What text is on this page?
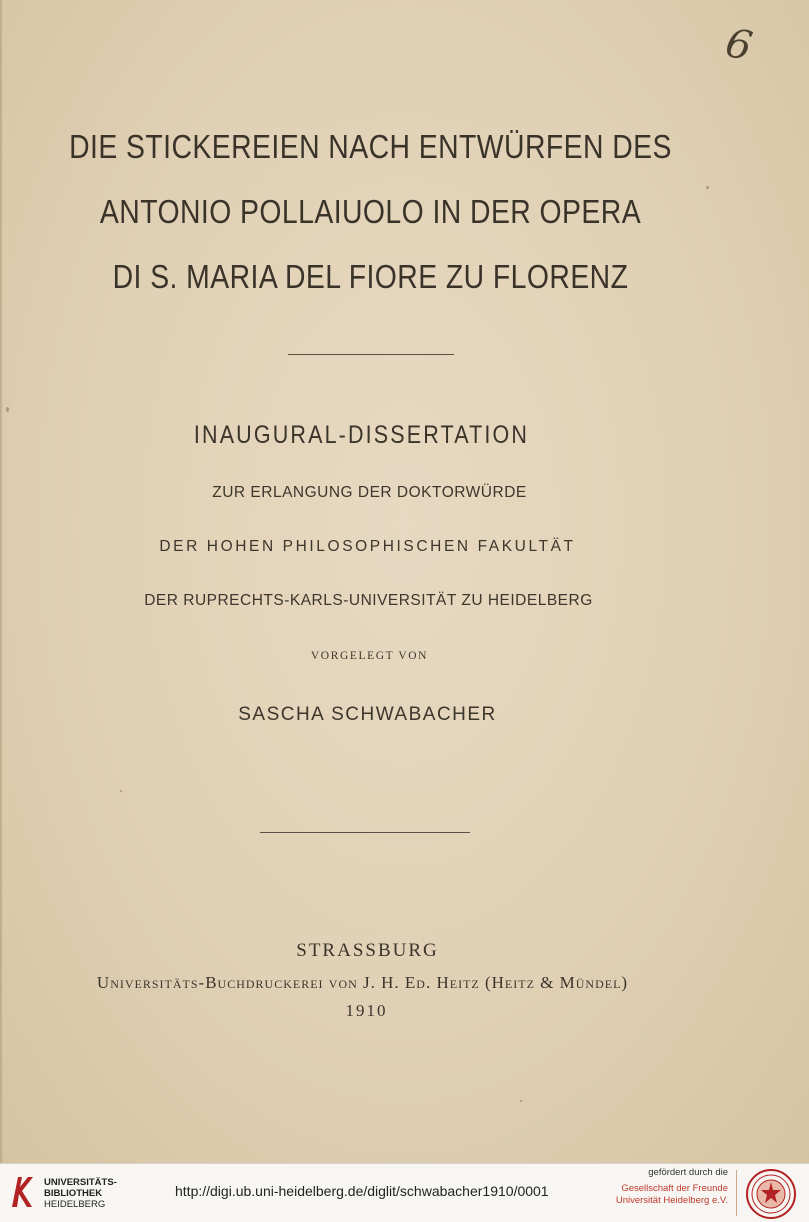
6
DIE STICKEREIEN NACH ENTWÜRFEN DES
ANTONIO POLLAIUOLO IN DER OPERA
DI S. MARIA DEL FIORE ZU FLORENZ
INAUGURAL-DISSERTATION
ZUR ERLANGUNG DER DOKTORWÜRDE
DER HOHEN PHILOSOPHISCHEN FAKULTÄT
DER RUPRECHTS-KARLS-UNIVERSITÄT ZU HEIDELBERG
VORGELEGT VON
SASCHA SCHWABACHER
STRASSBURG
Universitäts-Buchdruckerei von J. H. Ed. Heitz (Heitz & Mündel)
1910
UNIVERSITÄTS-
BIBLIOTHEK
HEIDELBERG
http://digi.ub.uni-heidelberg.de/diglit/schwabacher1910/0001
gefördert durch die
Gesellschaft der Freunde
Universität Heidelberg e.V.
